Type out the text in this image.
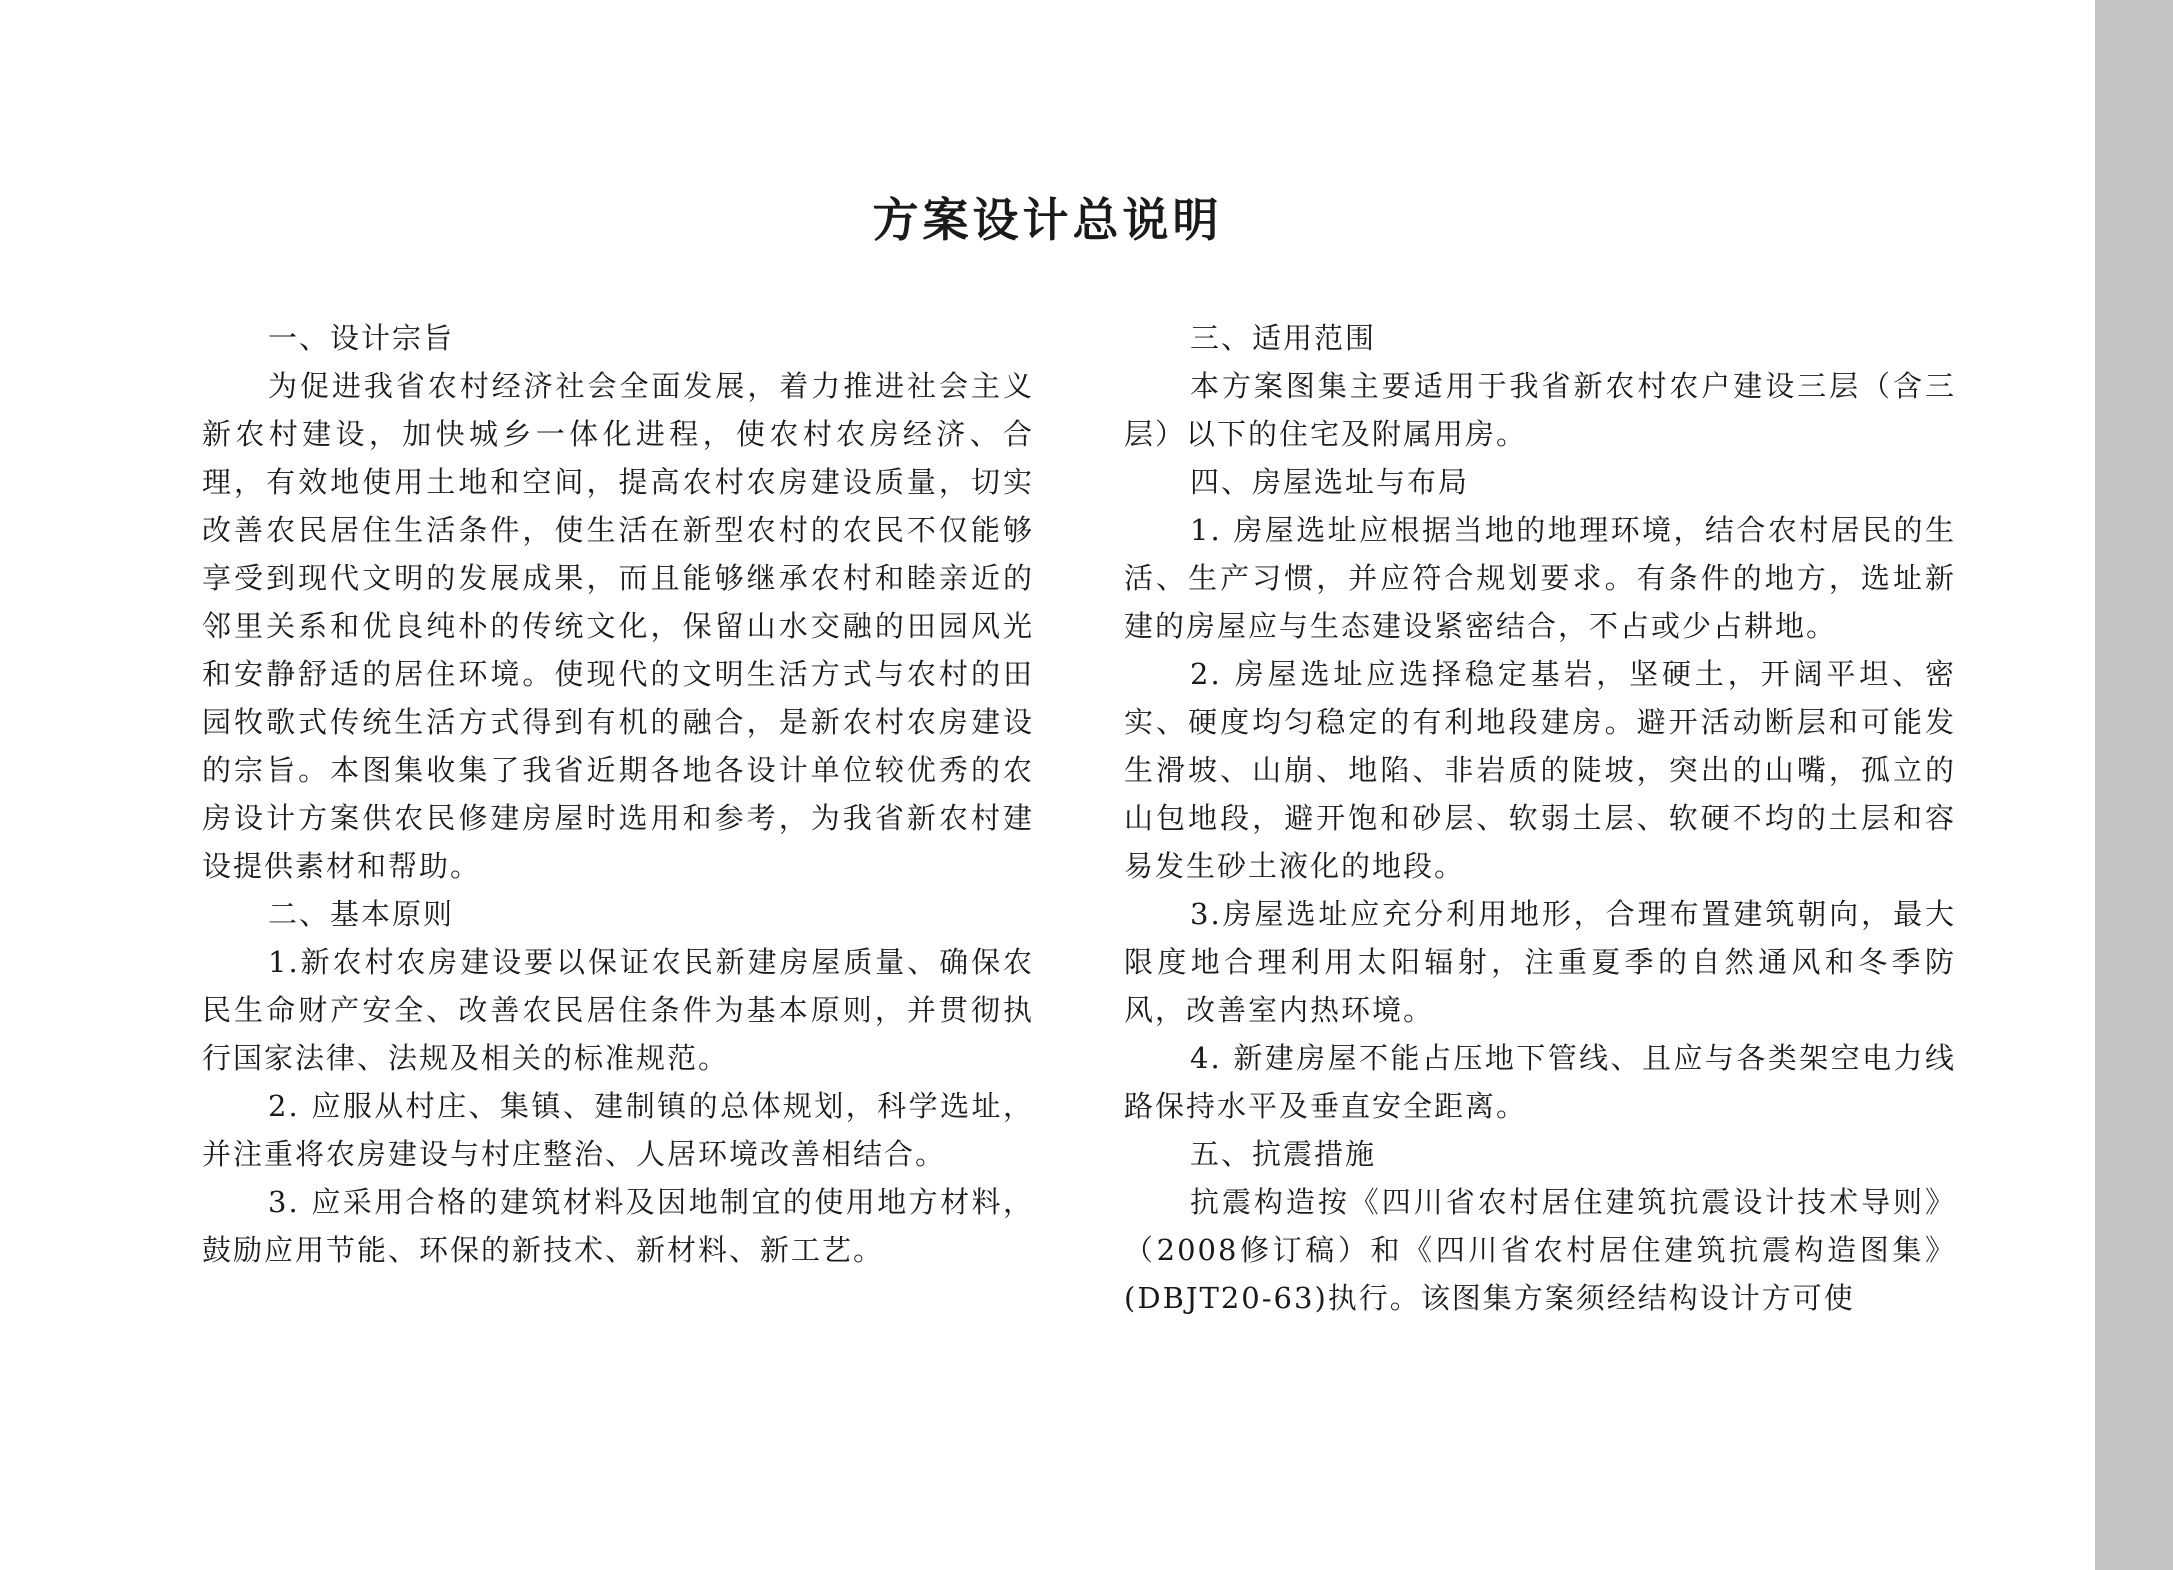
方案设计总说明

一、设计宗旨

为促进我省农村经济社会全面发展，着力推进社会主义新农村建设，加快城乡一体化进程，使农村农房经济、合理，有效地使用土地和空间，提高农村农房建设质量，切实改善农民居住生活条件，使生活在新型农村的农民不仅能够享受到现代文明的发展成果，而且能够继承农村和睦亲近的邻里关系和优良纯朴的传统文化，保留山水交融的田园风光和安静舒适的居住环境。使现代的文明生活方式与农村的田园牧歌式传统生活方式得到有机的融合，是新农村农房建设的宗旨。本图集收集了我省近期各地各设计单位较优秀的农房设计方案供农民修建房屋时选用和参考，为我省新农村建设提供素材和帮助。

二、基本原则

1.新农村农房建设要以保证农民新建房屋质量、确保农民生命财产安全、改善农民居住条件为基本原则，并贯彻执行国家法律、法规及相关的标准规范。

2. 应服从村庄、集镇、建制镇的总体规划，科学选址，并注重将农房建设与村庄整治、人居环境改善相结合。

3. 应采用合格的建筑材料及因地制宜的使用地方材料，鼓励应用节能、环保的新技术、新材料、新工艺。

三、适用范围

本方案图集主要适用于我省新农村农户建设三层（含三层）以下的住宅及附属用房。

四、房屋选址与布局

1. 房屋选址应根据当地的地理环境，结合农村居民的生活、生产习惯，并应符合规划要求。有条件的地方，选址新建的房屋应与生态建设紧密结合，不占或少占耕地。

2. 房屋选址应选择稳定基岩，坚硬土，开阔平坦、密实、硬度均匀稳定的有利地段建房。避开活动断层和可能发生滑坡、山崩、地陷、非岩质的陡坡，突出的山嘴，孤立的山包地段，避开饱和砂层、软弱土层、软硬不均的土层和容易发生砂土液化的地段。

3.房屋选址应充分利用地形，合理布置建筑朝向，最大限度地合理利用太阳辐射，注重夏季的自然通风和冬季防风，改善室内热环境。

4. 新建房屋不能占压地下管线、且应与各类架空电力线路保持水平及垂直安全距离。

五、抗震措施

抗震构造按《四川省农村居住建筑抗震设计技术导则》（2008修订稿）和《四川省农村居住建筑抗震构造图集》(DBJT20-63)执行。该图集方案须经结构设计方可使
